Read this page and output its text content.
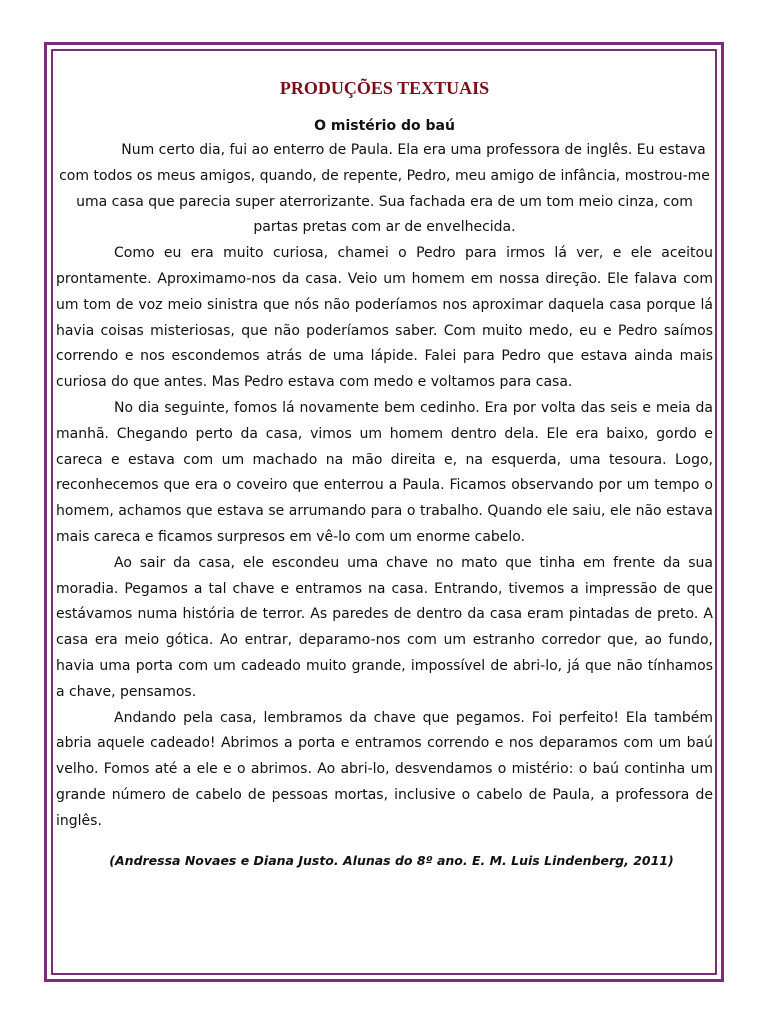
PRODUÇÕES TEXTUAIS
O mistério do baú

Num certo dia, fui ao enterro de Paula. Ela era uma professora de inglês. Eu estava com todos os meus amigos, quando, de repente, Pedro, meu amigo de infância, mostrou-me uma casa que parecia super aterrorizante. Sua fachada era de um tom meio cinza, com partas pretas com ar de envelhecida.

Como eu era muito curiosa, chamei o Pedro para irmos lá ver, e ele aceitou prontamente. Aproximamo-nos da casa. Veio um homem em nossa direção. Ele falava com um tom de voz meio sinistra que nós não poderíamos nos aproximar daquela casa porque lá havia coisas misteriosas, que não poderíamos saber. Com muito medo, eu e Pedro saímos correndo e nos escondemos atrás de uma lápide. Falei para Pedro que estava ainda mais curiosa do que antes. Mas Pedro estava com medo e voltamos para casa.

No dia seguinte, fomos lá novamente bem cedinho. Era por volta das seis e meia da manhã. Chegando perto da casa, vimos um homem dentro dela. Ele era baixo, gordo e careca e estava com um machado na mão direita e, na esquerda, uma tesoura. Logo, reconhecemos que era o coveiro que enterrou a Paula. Ficamos observando por um tempo o homem, achamos que estava se arrumando para o trabalho. Quando ele saiu, ele não estava mais careca e ficamos surpresos em vê-lo com um enorme cabelo.

Ao sair da casa, ele escondeu uma chave no mato que tinha em frente da sua moradia. Pegamos a tal chave e entramos na casa. Entrando, tivemos a impressão de que estávamos numa história de terror. As paredes de dentro da casa eram pintadas de preto. A casa era meio gótica. Ao entrar, deparamo-nos com um estranho corredor que, ao fundo, havia uma porta com um cadeado muito grande, impossível de abri-lo, já que não tínhamos a chave, pensamos.

Andando pela casa, lembramos da chave que pegamos. Foi perfeito! Ela também abria aquele cadeado! Abrimos a porta e entramos correndo e nos deparamos com um baú velho. Fomos até a ele e o abrimos. Ao abri-lo, desvendamos o mistério: o baú continha um grande número de cabelo de pessoas mortas, inclusive o cabelo de Paula, a professora de inglês.

(Andressa Novaes e Diana Justo. Alunas do 8º ano. E. M. Luis Lindenberg, 2011)
